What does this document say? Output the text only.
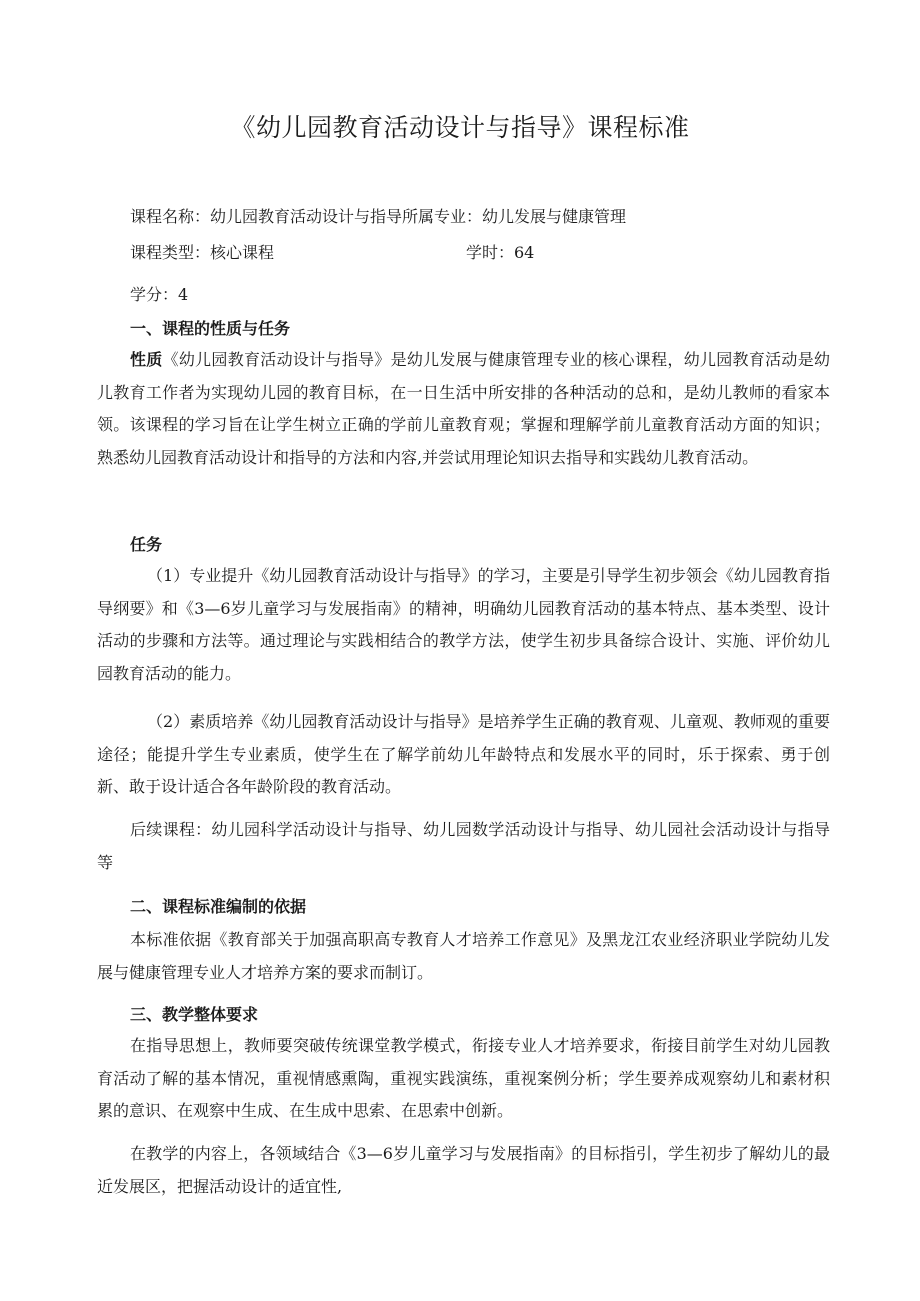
《幼儿园教育活动设计与指导》课程标准
课程名称：幼儿园教育活动设计与指导所属专业：幼儿发展与健康管理
课程类型：核心课程	学时：64
学分：4
一、课程的性质与任务
性质《幼儿园教育活动设计与指导》是幼儿发展与健康管理专业的核心课程，幼儿园教育活动是幼儿教育工作者为实现幼儿园的教育目标，在一日生活中所安排的各种活动的总和，是幼儿教师的看家本领。该课程的学习旨在让学生树立正确的学前儿童教育观；掌握和理解学前儿童教育活动方面的知识；熟悉幼儿园教育活动设计和指导的方法和内容,并尝试用理论知识去指导和实践幼儿教育活动。
任务
（1）专业提升《幼儿园教育活动设计与指导》的学习，主要是引导学生初步领会《幼儿园教育指导纲要》和《3—6岁儿童学习与发展指南》的精神，明确幼儿园教育活动的基本特点、基本类型、设计活动的步骤和方法等。通过理论与实践相结合的教学方法，使学生初步具备综合设计、实施、评价幼儿园教育活动的能力。
（2）素质培养《幼儿园教育活动设计与指导》是培养学生正确的教育观、儿童观、教师观的重要途径；能提升学生专业素质，使学生在了解学前幼儿年龄特点和发展水平的同时，乐于探索、勇于创新、敢于设计适合各年龄阶段的教育活动。
后续课程：幼儿园科学活动设计与指导、幼儿园数学活动设计与指导、幼儿园社会活动设计与指导等
二、课程标准编制的依据
本标准依据《教育部关于加强高职高专教育人才培养工作意见》及黑龙江农业经济职业学院幼儿发展与健康管理专业人才培养方案的要求而制订。
三、教学整体要求
在指导思想上，教师要突破传统课堂教学模式，衔接专业人才培养要求，衔接目前学生对幼儿园教育活动了解的基本情况，重视情感熏陶，重视实践演练，重视案例分析；学生要养成观察幼儿和素材积累的意识、在观察中生成、在生成中思索、在思索中创新。
在教学的内容上，各领域结合《3—6岁儿童学习与发展指南》的目标指引，学生初步了解幼儿的最近发展区，把握活动设计的适宜性,
